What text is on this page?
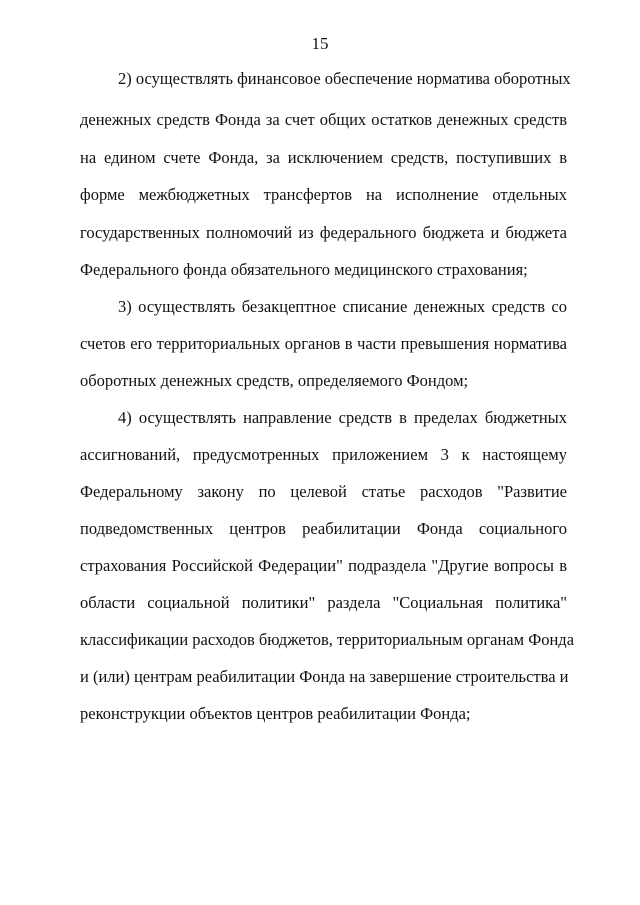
15
2) осуществлять финансовое обеспечение норматива оборотных
денежных средств Фонда за счет общих остатков денежных средств
на едином счете Фонда, за исключением средств, поступивших в
форме межбюджетных трансфертов на исполнение отдельных
государственных полномочий из федерального бюджета и бюджета
Федерального фонда обязательного медицинского страхования;
3) осуществлять безакцептное списание денежных средств со
счетов его территориальных органов в части превышения норматива
оборотных денежных средств, определяемого Фондом;
4) осуществлять направление средств в пределах бюджетных
ассигнований, предусмотренных приложением 3 к настоящему
Федеральному закону по целевой статье расходов "Развитие
подведомственных центров реабилитации Фонда социального
страхования Российской Федерации" подраздела "Другие вопросы в
области социальной политики" раздела "Социальная политика"
классификации расходов бюджетов, территориальным органам Фонда
и (или) центрам реабилитации Фонда на завершение строительства и
реконструкции объектов центров реабилитации Фонда;
